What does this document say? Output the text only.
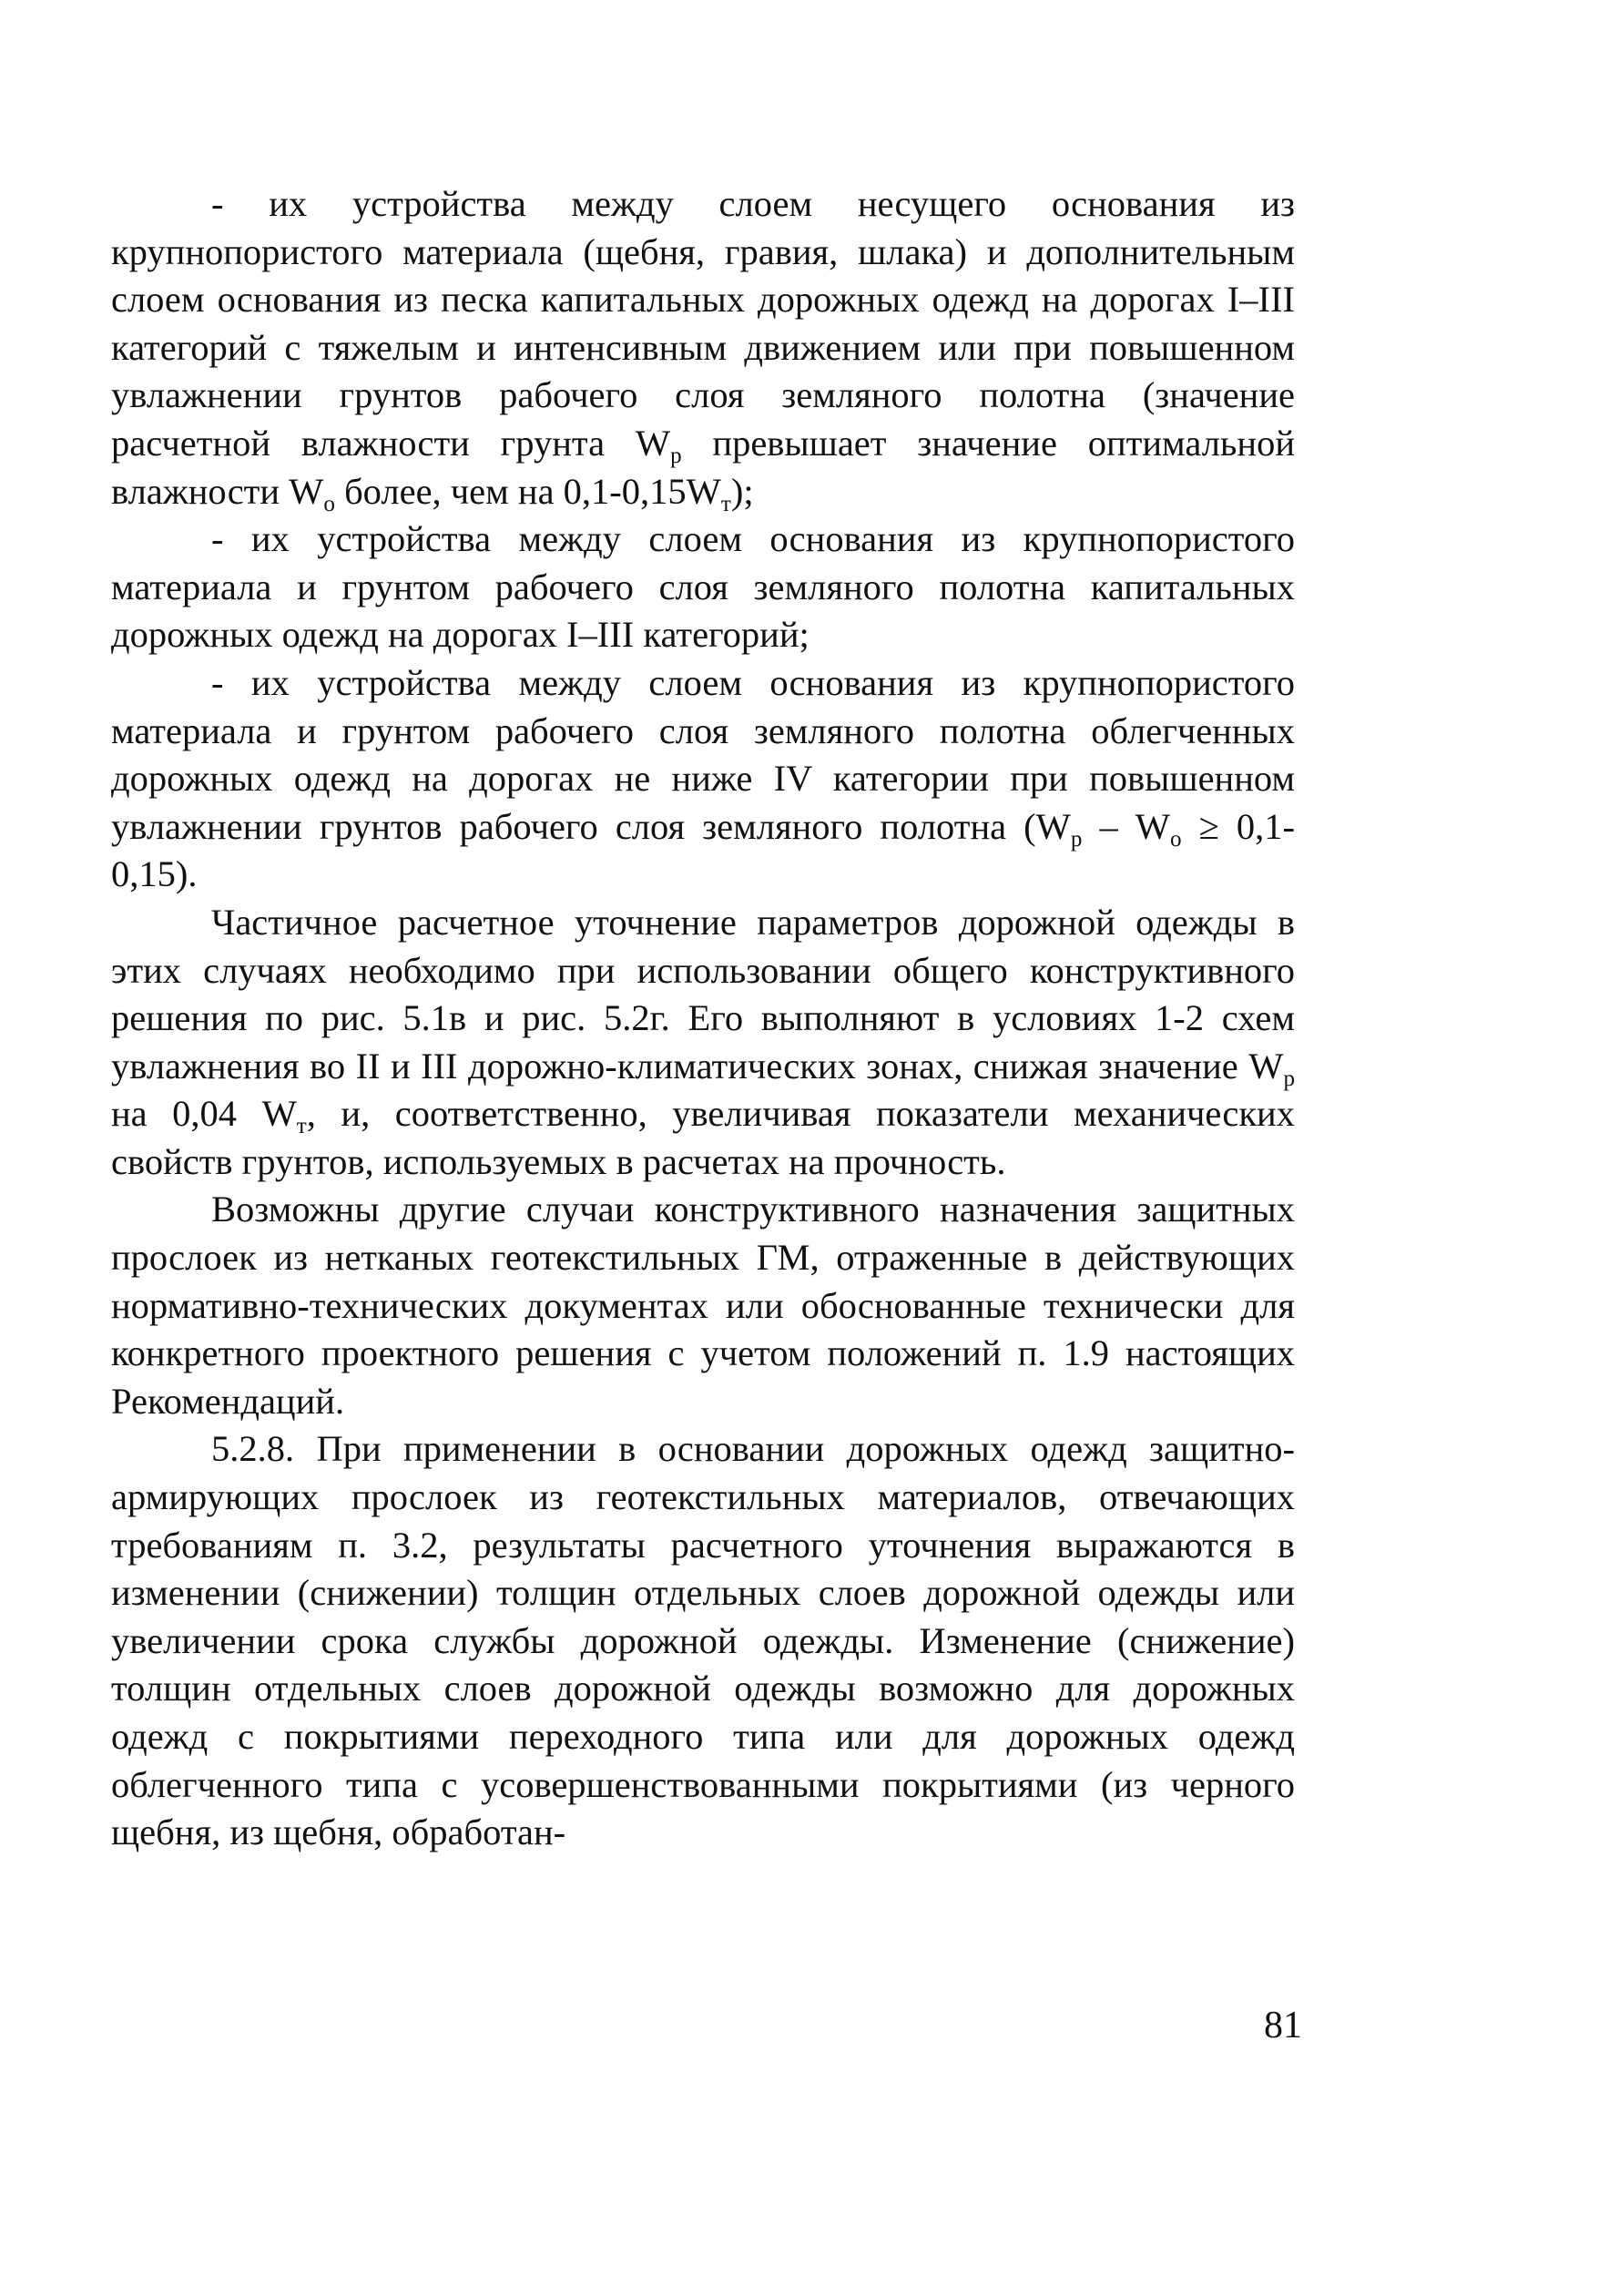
- их устройства между слоем несущего основания из крупнопористого материала (щебня, гравия, шлака) и дополнительным слоем основания из песка капитальных дорожных одежд на дорогах I–III категорий с тяжелым и интенсивным движением или при повышенном увлажнении грунтов рабочего слоя земляного полотна (значение расчетной влажности грунта Wр превышает значение оптимальной влажности Wо более, чем на 0,1-0,15Wт);

- их устройства между слоем основания из крупнопористого материала и грунтом рабочего слоя земляного полотна капитальных дорожных одежд на дорогах I–III категорий;

- их устройства между слоем основания из крупнопористого материала и грунтом рабочего слоя земляного полотна облегченных дорожных одежд на дорогах не ниже IV категории при повышенном увлажнении грунтов рабочего слоя земляного полотна (Wр – Wо ≥ 0,1-0,15).

Частичное расчетное уточнение параметров дорожной одежды в этих случаях необходимо при использовании общего конструктивного решения по рис. 5.1в и рис. 5.2г. Его выполняют в условиях 1-2 схем увлажнения во II и III дорожно-климатических зонах, снижая значение Wр на 0,04 Wт, и, соответственно, увеличивая показатели механических свойств грунтов, используемых в расчетах на прочность.

Возможны другие случаи конструктивного назначения защитных прослоек из нетканых геотекстильных ГМ, отраженные в действующих нормативно-технических документах или обоснованные технически для конкретного проектного решения с учетом положений п. 1.9 настоящих Рекомендаций.

5.2.8. При применении в основании дорожных одежд защитно-армирующих прослоек из геотекстильных материалов, отвечающих требованиям п. 3.2, результаты расчетного уточнения выражаются в изменении (снижении) толщин отдельных слоев дорожной одежды или увеличении срока службы дорожной одежды. Изменение (снижение) толщин отдельных слоев дорожной одежды возможно для дорожных одежд с покрытиями переходного типа или для дорожных одежд облегченного типа с усовершенствованными покрытиями (из черного щебня, из щебня, обработан-

81
